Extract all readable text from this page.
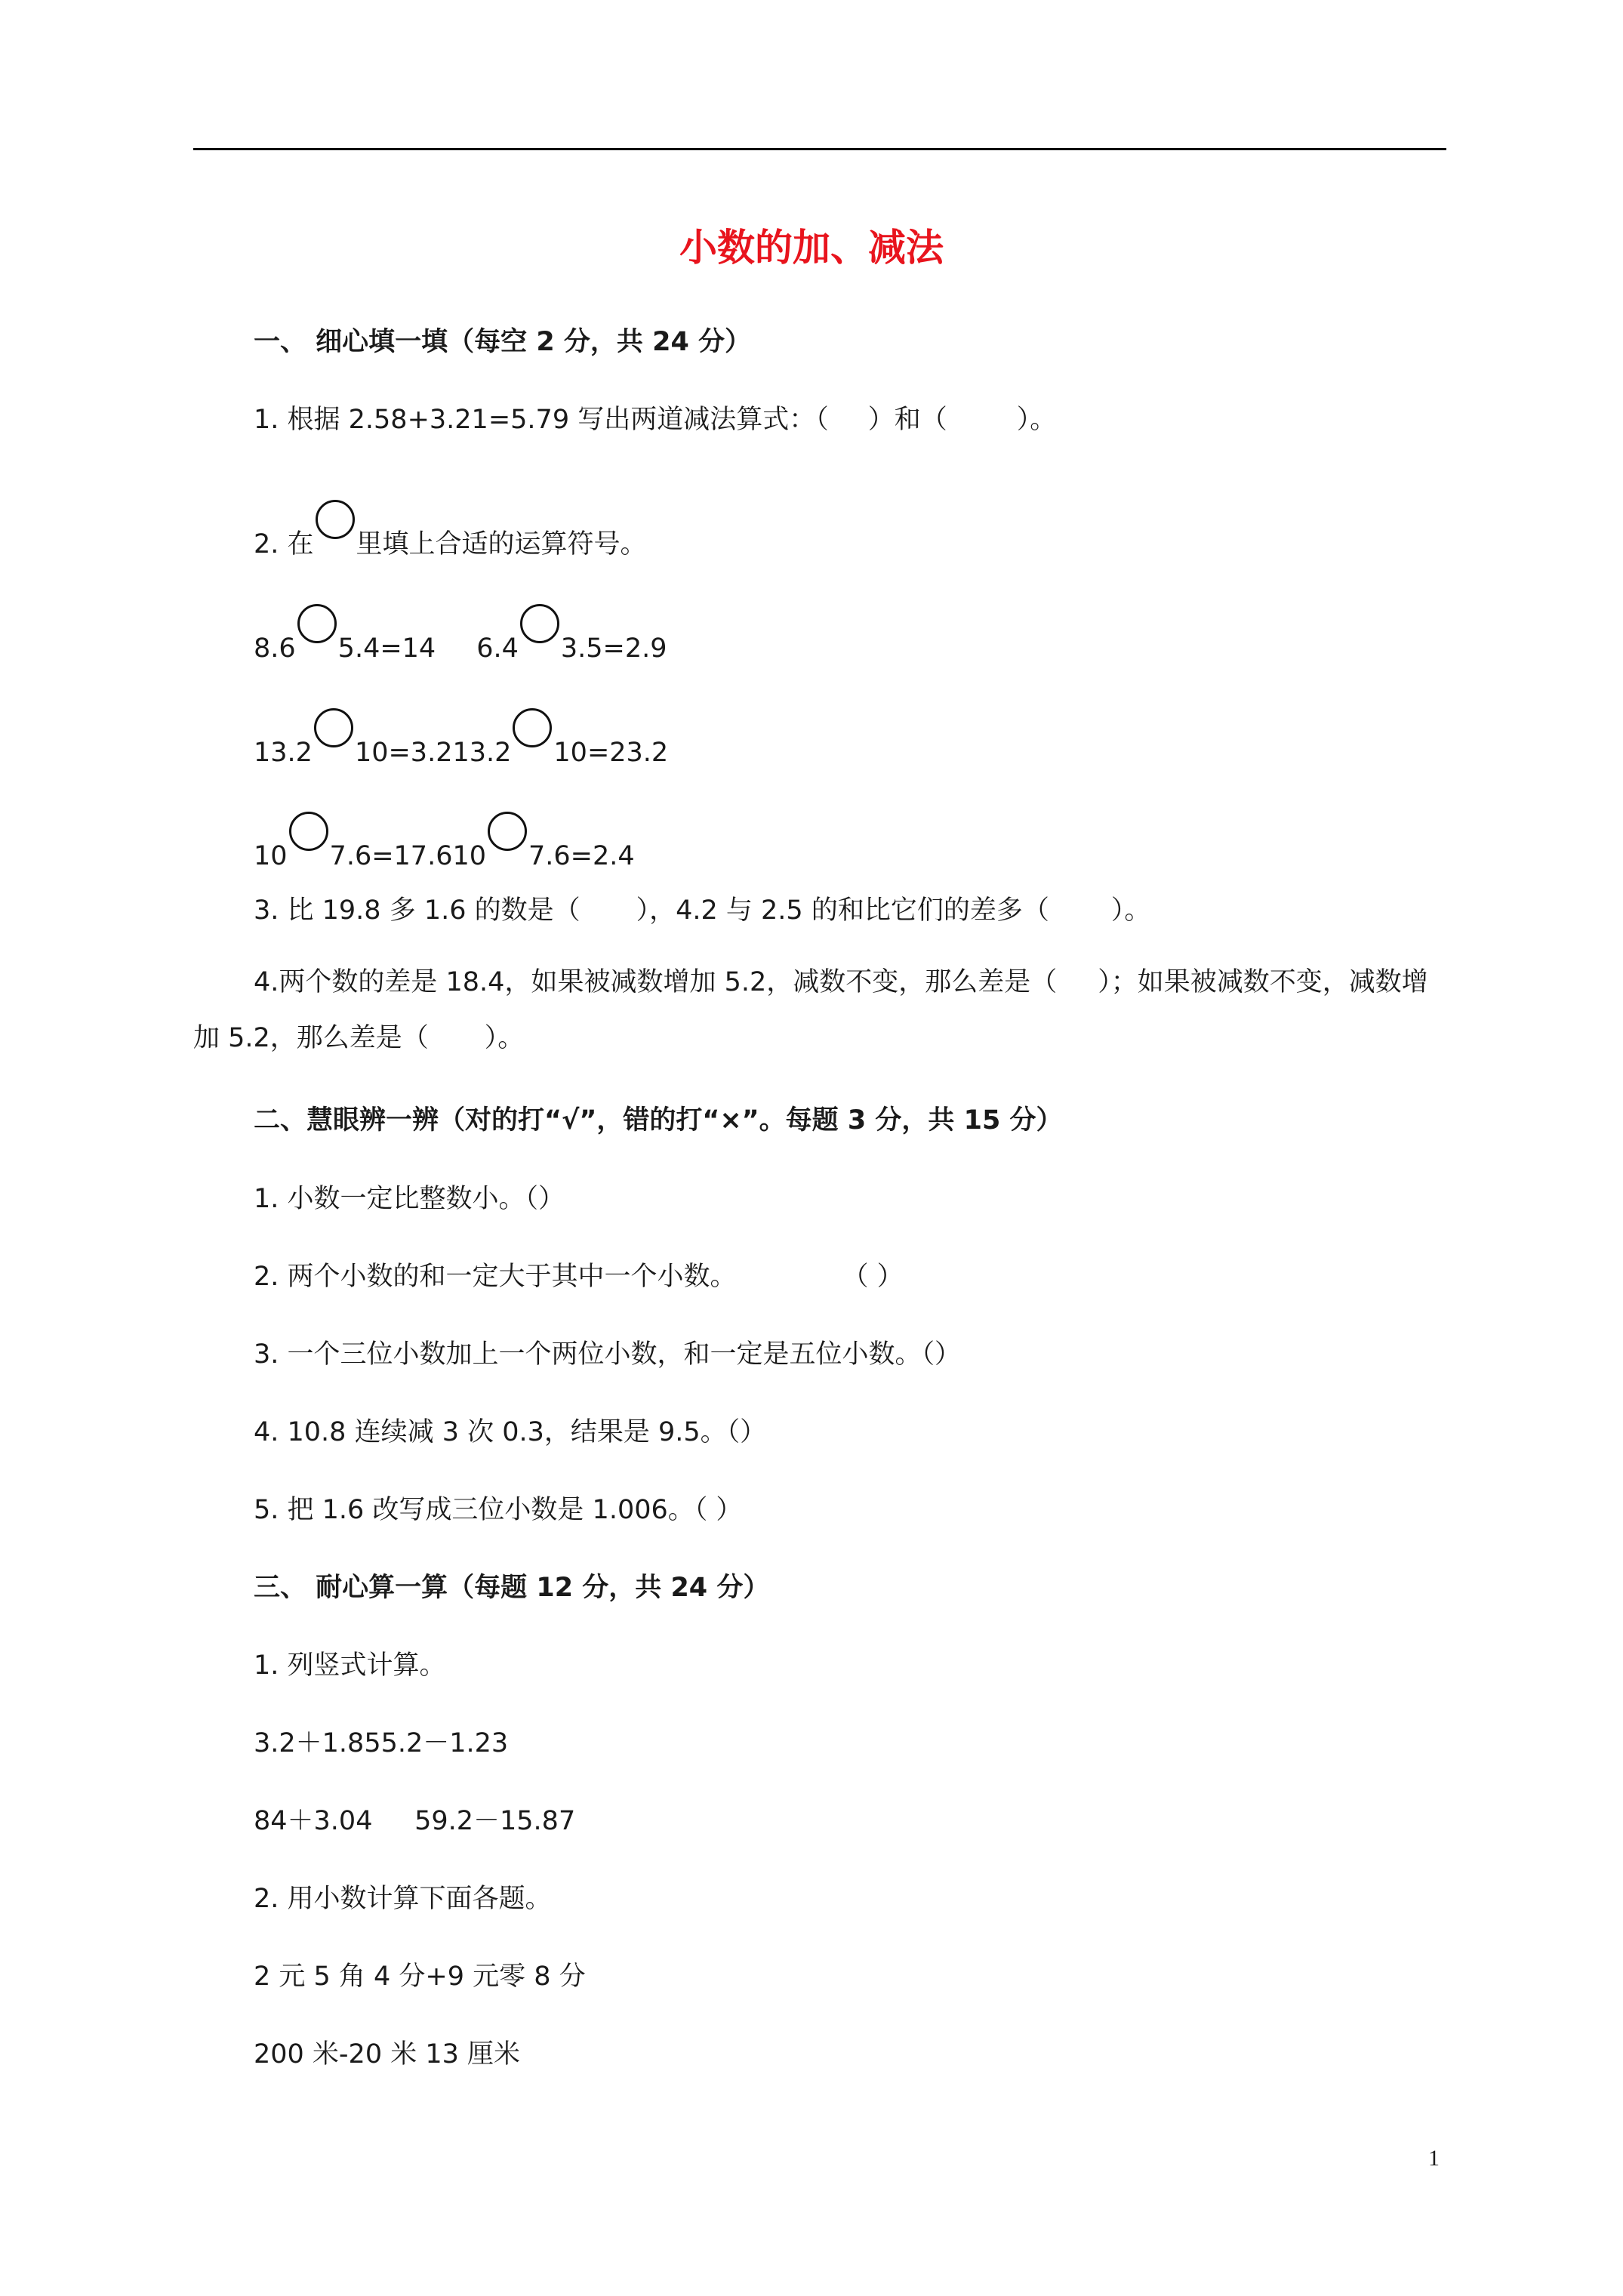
小数的加、减法
一、 细心填一填（每空 2 分，共 24 分）
1. 根据 2.58+3.21=5.79 写出两道减法算式：（ ）和（	）。
2. 在 里填上合适的运算符号。
8.6 5.4=14 6.4 3.5=2.9
13.2 10=3.213.2 10=23.2
10 7.6=17.610 7.6=2.4
3. 比 19.8 多 1.6 的数是（ ），4.2 与 2.5 的和比它们的差多（ ）。
4.两个数的差是 18.4，如果被减数增加 5.2，减数不变，那么差是（ ）；如果被减数不变，减数增加 5.2，那么差是（ ）。
二、慧眼辨一辨（对的打“√”，错的打“×”。每题 3 分，共 15 分）
1. 小数一定比整数小。（）
2. 两个小数的和一定大于其中一个小数。	（ ）
3. 一个三位小数加上一个两位小数，和一定是五位小数。（）
4. 10.8 连续减 3 次 0.3，结果是 9.5。（）
5. 把 1.6 改写成三位小数是 1.006。（ ）
三、 耐心算一算（每题 12 分，共 24 分）
1. 列竖式计算。
3.2＋1.855.2－1.23
84＋3.04     59.2－15.87
2. 用小数计算下面各题。
2 元 5 角 4 分+9 元零 8 分
200 米-20 米 13 厘米
1
